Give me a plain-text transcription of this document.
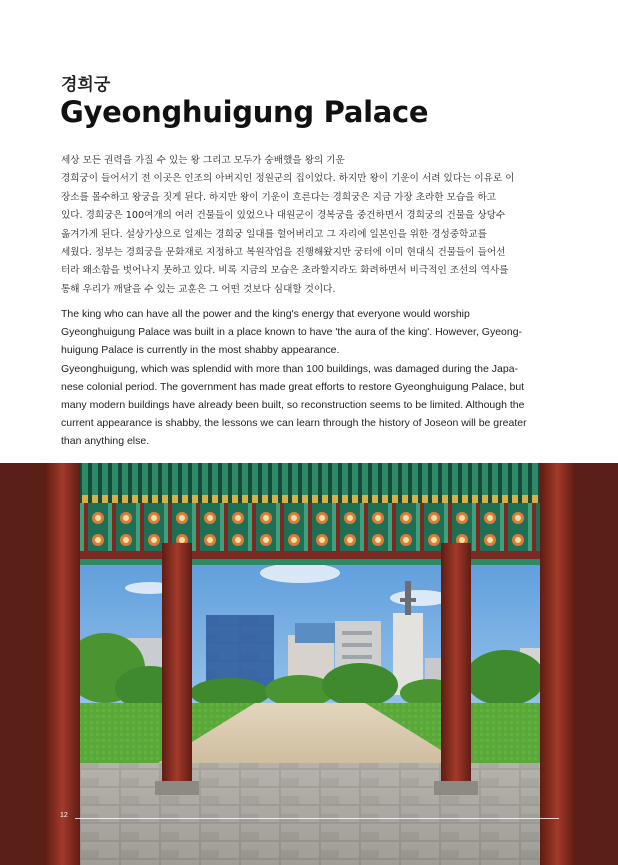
경희궁
Gyeonghuigung Palace
세상 모든 권력을 가질 수 있는 왕 그리고 모두가 숭배했을 왕의 기운
경희궁이 들어서기 전 이곳은 인조의 아버지인 정원군의 집이었다. 하지만 왕이 기운이 서려 있다는 이유로 이
장소를 몰수하고 왕궁을 짓게 된다. 하지만 왕이 기운이 흐른다는 경희궁은 지금 가장 초라한 모습을 하고
있다. 경희궁은 100여개의 여러 건물들이 있었으나 대원군이 경복궁을 중건하면서 경희궁의 건물을 상당수
옮겨가게 된다. 설상가상으로 일제는 경희궁 일대를 헐어버리고 그 자리에 일본인을 위한 경성중학교를
세웠다. 정부는 경희궁을 문화재로 지정하고 복원작업을 진행해왔지만 궁터에 이미 현대식 건물들이 들어선
터라 왜소함을 벗어나지 못하고 있다. 비록 지금의 모습은 초라할지라도 화려하면서 비극적인 조선의 역사를
통해 우리가 깨달을 수 있는 교훈은 그 어떤 것보다 심대할 것이다.
The king who can have all the power and the king's energy that everyone would worship
Gyeonghuigung Palace was built in a place known to have 'the aura of the king'. However, Gyeong-
huigung Palace is currently in the most shabby appearance.
Gyeonghuigung, which was splendid with more than 100 buildings, was damaged during the Japa-
nese colonial period. The government has made great efforts to restore Gyeonghuigung Palace, but
many modern buildings have already been built, so reconstruction seems to be limited. Although the
current appearance is shabby, the lessons we can learn through the history of Joseon will be greater
than anything else.
12
